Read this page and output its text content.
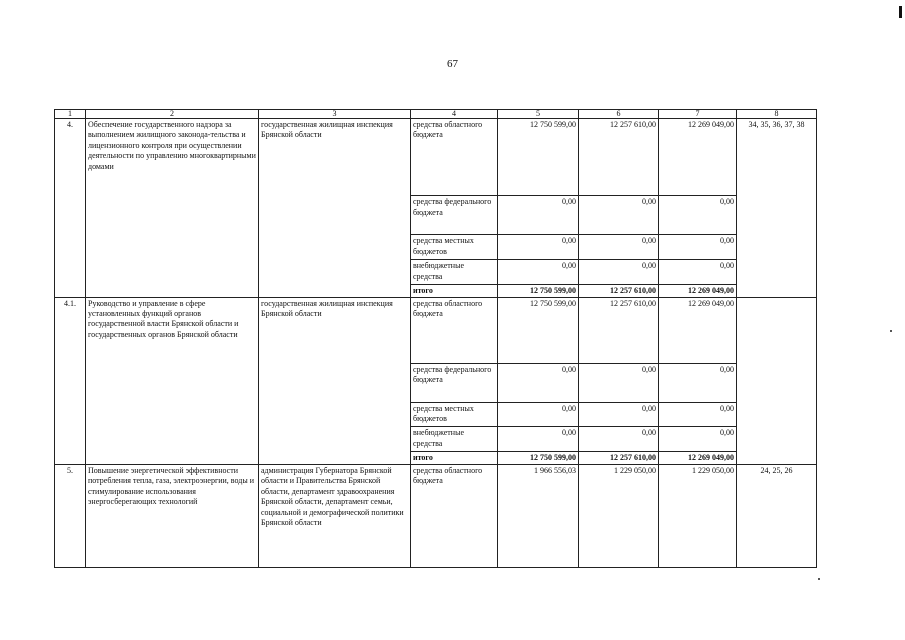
67
1	2	3	4	5	6	7	8
4.	Обеспечение государственного надзора за выполнением жилищного законода-тельства и лицензионного контроля при осуществлении деятельности по управлению многоквартирными домами	государственная жилищная инспекция Брянской области	средства областного бюджета	12 750 599,00	12 257 610,00	12 269 049,00	34, 35, 36, 37, 38
			средства федерального бюджета	0,00	0,00	0,00	
			средства местных бюджетов	0,00	0,00	0,00	
			внебюджетные средства	0,00	0,00	0,00	
			итого	12 750 599,00	12 257 610,00	12 269 049,00	
4.1.	Руководство и управление в сфере установленных функций органов государственной власти Брянской области и государственных органов Брянской области	государственная жилищная инспекция Брянской области	средства областного бюджета	12 750 599,00	12 257 610,00	12 269 049,00	
			средства федерального бюджета	0,00	0,00	0,00	
			средства местных бюджетов	0,00	0,00	0,00	
			внебюджетные средства	0,00	0,00	0,00	
			итого	12 750 599,00	12 257 610,00	12 269 049,00	
5.	Повышение энергетической эффективности потребления тепла, газа, электроэнергии, воды и стимулирование использования энергосберегающих технологий	администрация Губернатора Брянской области и Правительства Брянской области, департамент здравоохранения Брянской области, департамент семьи, социальной и демографической политики Брянской области	средства областного бюджета	1 966 556,03	1 229 050,00	1 229 050,00	24, 25, 26
